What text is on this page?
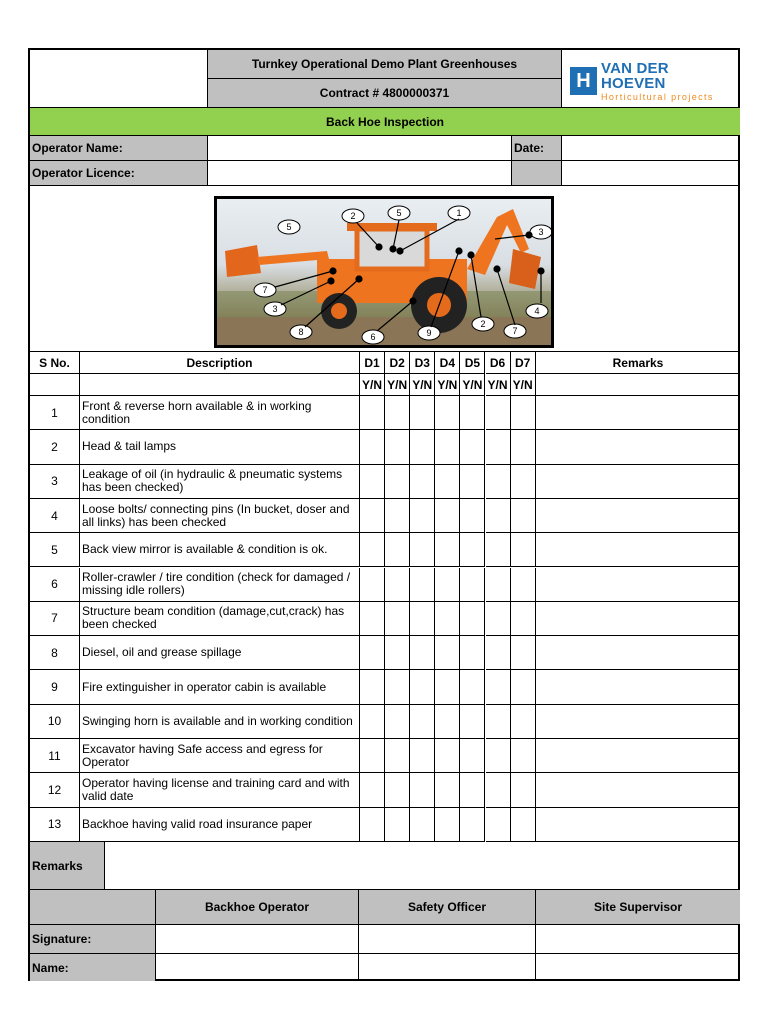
Turnkey Operational Demo Plant Greenhouses
Contract # 4800000371
H
VAN DER HOEVEN
Horticultural projects
Back Hoe Inspection
Operator Name:	Date:
Operator Licence:
1
2
3
4
5
6
7
8	9
2
3
5
7
S No.	Description	D1 D2 D3 D4 D5 D6 D7	Remarks
Y/N Y/N Y/N Y/N Y/N Y/N Y/N
1	Front & reverse horn available & in working condition
2	Head & tail lamps
3	Leakage of oil (in hydraulic & pneumatic systems has been checked)
4	Loose bolts/ connecting pins (In bucket, doser and all links) has been checked
5	Back view mirror is available & condition is ok.
6	Roller-crawler / tire condition (check for damaged / missing idle rollers)
7	Structure beam condition (damage,cut,crack) has been checked
8	Diesel, oil and grease spillage
9	Fire extinguisher in operator cabin is available
10	Swinging horn is available and in working condition
11	Excavator having Safe access and egress for Operator
12	Operator having license and training card and with valid date
13	Backhoe having valid road insurance paper
Remarks
Backhoe Operator	Safety Officer	Site Supervisor
Signature:
Name:
